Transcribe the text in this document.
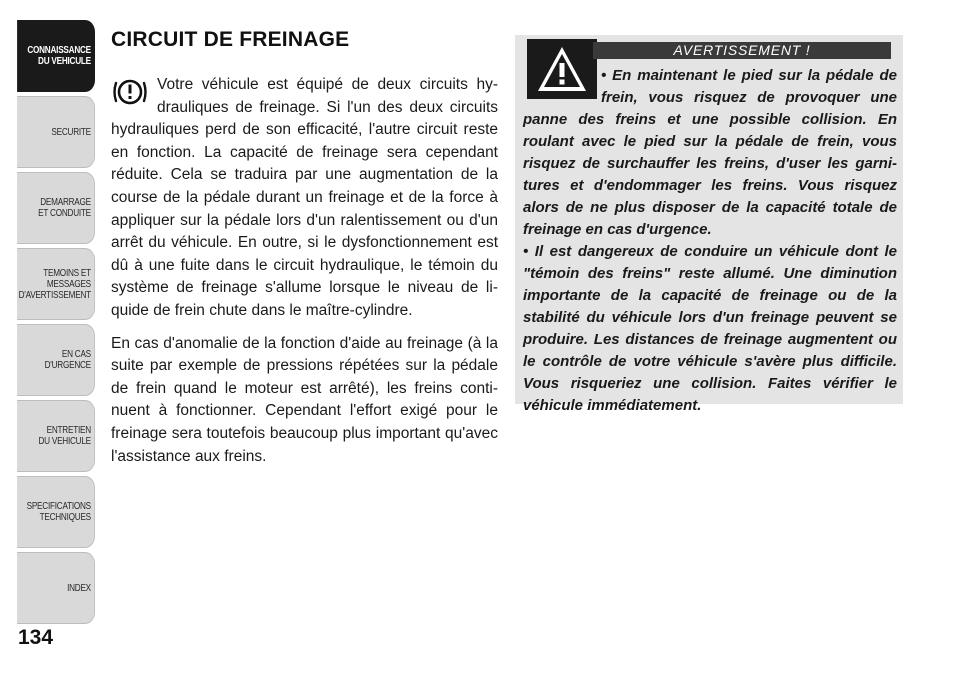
CONNAISSANCE
DU VEHICULE
SECURITE
DEMARRAGE
ET CONDUITE
TEMOINS ET
MESSAGES
D'AVERTISSEMENT
EN CAS
D'URGENCE
ENTRETIEN
DU VEHICULE
SPECIFICATIONS
TECHNIQUES
INDEX
134
CIRCUIT DE FREINAGE

Votre véhicule est équipé de deux circuits hydrauliques de freinage. Si l'un des deux circuits hydrauliques perd de son efficacité, l'autre circuit reste en fonction. La capacité de freinage sera cependant réduite. Cela se traduira par une augmentation de la course de la pédale durant un freinage et de la force à appliquer sur la pédale lors d'un ralentissement ou d'un arrêt du véhicule. En outre, si le dysfonctionnement est dû à une fuite dans le circuit hydraulique, le témoin du système de freinage s'allume lorsque le niveau de liquide de frein chute dans le maître-cylindre.

En cas d'anomalie de la fonction d'aide au freinage (à la suite par exemple de pressions répétées sur la pédale de frein quand le moteur est arrêté), les freins continuent à fonctionner. Cependant l'effort exigé pour le freinage sera toutefois beaucoup plus important qu'avec l'assistance aux freins.

AVERTISSEMENT !

• En maintenant le pied sur la pédale de frein, vous risquez de provoquer une panne des freins et une possible collision. En roulant avec le pied sur la pédale de frein, vous risquez de surchauffer les freins, d'user les garnitures et d'endommager les freins. Vous risquez alors de ne plus disposer de la capacité totale de freinage en cas d'urgence.

• Il est dangereux de conduire un véhicule dont le "témoin des freins" reste allumé. Une diminution importante de la capacité de freinage ou de la stabilité du véhicule lors d'un freinage peuvent se produire. Les distances de freinage augmentent ou le contrôle de votre véhicule s'avère plus difficile. Vous risqueriez une collision. Faites vérifier le véhicule immédiatement.
